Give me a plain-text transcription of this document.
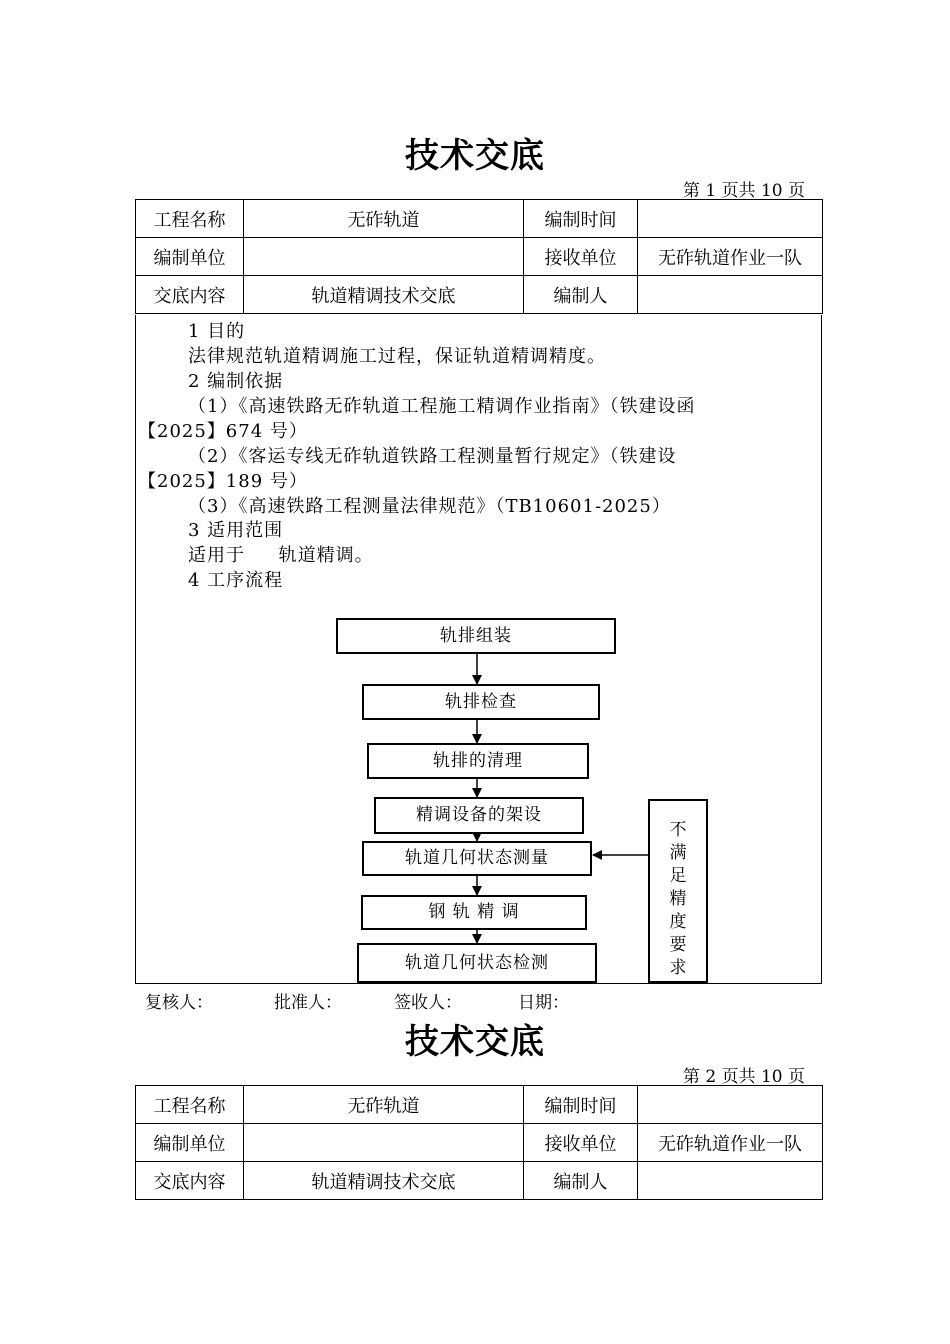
技术交底
第 1 页共 10 页
工程名称	无砟轨道	编制时间	
编制单位		接收单位	无砟轨道作业一队
交底内容	轨道精调技术交底	编制人	
1 目的
法律规范轨道精调施工过程，保证轨道精调精度。
2 编制依据
（1）《高速铁路无砟轨道工程施工精调作业指南》（铁建设函
【2025】674 号）
（2）《客运专线无砟轨道铁路工程测量暂行规定》（铁建设
【2025】189 号）
（3）《高速铁路工程测量法律规范》（TB10601-2025）
3 适用范围
适用于     轨道精调。
4 工序流程
轨排组装
轨排检查
轨排的清理
精调设备的架设
轨道几何状态测量
钢 轨 精 调
轨道几何状态检测
不
满
足
精
度
要
求
复核人：	批准人：	签收人：	日期：
技术交底
第 2 页共 10 页
工程名称	无砟轨道	编制时间	
编制单位		接收单位	无砟轨道作业一队
交底内容	轨道精调技术交底	编制人	
